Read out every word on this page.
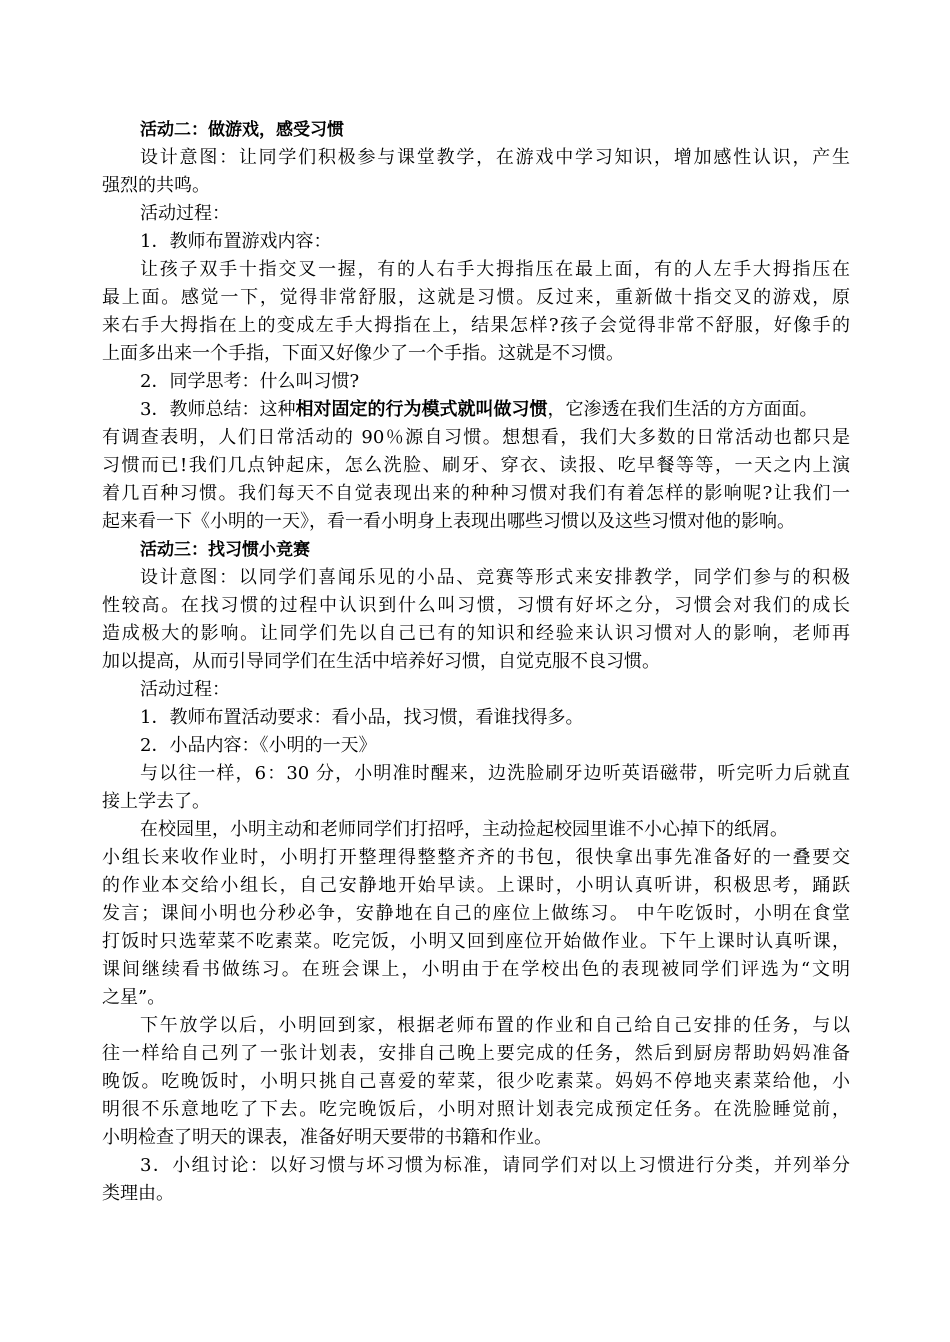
活动二：做游戏，感受习惯
设计意图：让同学们积极参与课堂教学，在游戏中学习知识，增加感性认识，产生
强烈的共鸣。
活动过程：
1．教师布置游戏内容：
让孩子双手十指交叉一握，有的人右手大拇指压在最上面，有的人左手大拇指压在
最上面。感觉一下，觉得非常舒服，这就是习惯。反过来，重新做十指交叉的游戏，原
来右手大拇指在上的变成左手大拇指在上，结果怎样?孩子会觉得非常不舒服，好像手的
上面多出来一个手指，下面又好像少了一个手指。这就是不习惯。
2．同学思考：什么叫习惯?
3．教师总结：这种相对固定的行为模式就叫做习惯，它渗透在我们生活的方方面面。
有调查表明，人们日常活动的 90％源自习惯。想想看，我们大多数的日常活动也都只是
习惯而已!我们几点钟起床，怎么洗脸、刷牙、穿衣、读报、吃早餐等等，一天之内上演
着几百种习惯。我们每天不自觉表现出来的种种习惯对我们有着怎样的影响呢?让我们一
起来看一下《小明的一天》，看一看小明身上表现出哪些习惯以及这些习惯对他的影响。
活动三：找习惯小竞赛
设计意图：以同学们喜闻乐见的小品、竞赛等形式来安排教学，同学们参与的积极
性较高。在找习惯的过程中认识到什么叫习惯，习惯有好坏之分，习惯会对我们的成长
造成极大的影响。让同学们先以自己已有的知识和经验来认识习惯对人的影响，老师再
加以提高，从而引导同学们在生活中培养好习惯，自觉克服不良习惯。
活动过程：
1．教师布置活动要求：看小品，找习惯，看谁找得多。
2．小品内容：《小明的一天》
与以往一样，6：30 分，小明准时醒来，边洗脸刷牙边听英语磁带，听完听力后就直
接上学去了。
在校园里，小明主动和老师同学们打招呼，主动捡起校园里谁不小心掉下的纸屑。
小组长来收作业时，小明打开整理得整整齐齐的书包，很快拿出事先准备好的一叠要交
的作业本交给小组长，自己安静地开始早读。上课时，小明认真听讲，积极思考，踊跃
发言；课间小明也分秒必争，安静地在自己的座位上做练习。 中午吃饭时，小明在食堂
打饭时只选荤菜不吃素菜。吃完饭，小明又回到座位开始做作业。下午上课时认真听课，
课间继续看书做练习。在班会课上，小明由于在学校出色的表现被同学们评选为“文明
之星”。
下午放学以后，小明回到家，根据老师布置的作业和自己给自己安排的任务，与以
往一样给自己列了一张计划表，安排自己晚上要完成的任务，然后到厨房帮助妈妈准备
晚饭。吃晚饭时，小明只挑自己喜爱的荤菜，很少吃素菜。妈妈不停地夹素菜给他，小
明很不乐意地吃了下去。吃完晚饭后，小明对照计划表完成预定任务。在洗脸睡觉前，
小明检查了明天的课表，准备好明天要带的书籍和作业。
3．小组讨论：以好习惯与坏习惯为标准，请同学们对以上习惯进行分类，并列举分
类理由。
